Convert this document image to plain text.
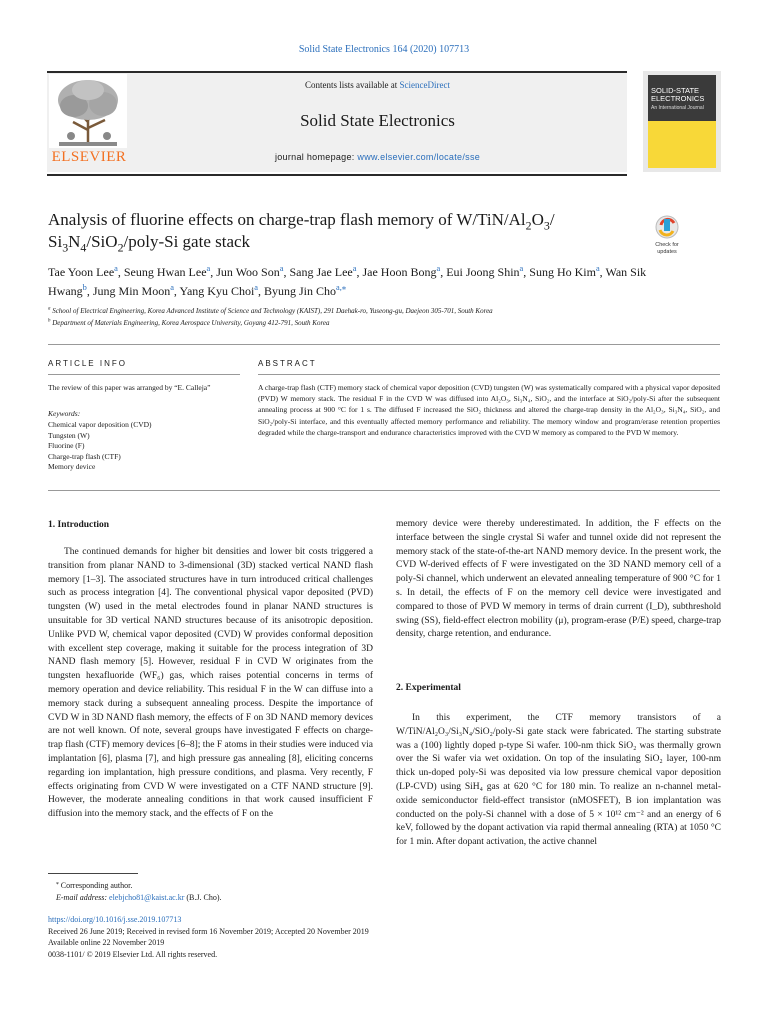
Solid State Electronics 164 (2020) 107713
ELSEVIER
Contents lists available at ScienceDirect
Solid State Electronics
journal homepage: www.elsevier.com/locate/sse
SOLID-STATE ELECTRONICS
An International Journal
Analysis of fluorine effects on charge-trap flash memory of $W/TiN/Al_2O_3/$
$Si_3N_4/SiO_2/poly-Si$ gate stack	Check for
updates
Tae Yoon Lee$^a$, Seung Hwan Lee$^a$, Jun Woo Son$^a$, Sang Jae Lee$^a$, Jae Hoon Bong$^a$, Eui Joong Shin$^a$, Sung Ho Kim$^a$, Wan Sik Hwang$^b$, Jung Min Moon$^a$, Yang Kyu Choi$^a$, Byung Jin Cho$^{a,⁎}$
$^a$ School of Electrical Engineering, Korea Advanced Institute of Science and Technology (KAIST), 291 Daehak-ro, Yuseong-gu, Daejeon 305-701, South Korea
$^b$ Department of Materials Engineering, Korea Aerospace University, Goyang 412-791, South Korea
ARTICLE INFO	ABSTRACT
The review of this paper was arranged by “E. Calleja”
Keywords:
Chemical vapor deposition (CVD)
Tungsten (W)
Fluorine (F)
Charge-trap flash (CTF)
Memory device
A charge-trap flash (CTF) memory stack of chemical vapor deposition (CVD) tungsten (W) was systematically compared with a physical vapor deposited (PVD) W memory stack. The residual F in the CVD W was diffused into Al₂O₃, Si₃N₄, SiO₂, and the interface at SiO₂/poly-Si after the subsequent annealing process at 900 °C for 1 s. The diffused F increased the SiO₂ thickness and altered the charge-trap density in the Al₂O₃, Si₃N₄, SiO₂, and SiO₂/poly-Si interface, and this eventually affected memory performance and reliability. The memory window and program/erase retention properties degraded while the charge-transport and endurance characteristics improved with the CVD W memory as compared to the PVD W memory.
1. Introduction
The continued demands for higher bit densities and lower bit costs triggered a transition from planar NAND to 3-dimensional (3D) stacked vertical NAND flash memory [1–3]. The associated structures have in turn introduced critical challenges such as process integration [4]. The conventional physical vapor deposited (PVD) tungsten (W) used in the metal electrodes found in planar NAND structures is unsuitable for 3D vertical NAND structures because of its anisotropic deposition. Unlike PVD W, chemical vapor deposited (CVD) W provides conformal deposition with excellent step coverage, making it suitable for the process integration of 3D NAND flash memory [5]. However, residual F in CVD W originates from the tungsten hexafluoride (WF₆) gas, which raises potential concerns in terms of memory operation and device reliability. This residual F in the W can diffuse into a memory stack during a subsequent annealing process. Despite the importance of CVD W in 3D NAND flash memory, the effects of F on 3D NAND memory devices are not well known. Of note, several groups have investigated F effects on charge-trap flash (CTF) memory devices [6–8]; the F atoms in their studies were induced via implantation [6], plasma [7], and high pressure gas annealing [8], eliciting concerns regarding ion implantation, high pressure conditions, and plasma. Very recently, F effects originating from CVD W were investigated on a CTF NAND structure [9]. However, the moderate annealing conditions in that work caused insufficient F diffusion into the memory stack, and the effects of F on the
memory device were thereby underestimated. In addition, the F effects on the interface between the single crystal Si wafer and tunnel oxide did not represent the memory stack of the state-of-the-art NAND memory device. In the present work, the CVD W-derived effects of F were investigated on the 3D NAND memory cell of a poly-Si channel, which underwent an elevated annealing temperature of 900 °C for 1 s. In detail, the effects of F on the memory cell device were investigated and compared to those of PVD W memory in terms of drain current (I_D), subthreshold swing (SS), field-effect electron mobility (μ), program-erase (P/E) speed, charge-trap density, charge retention, and endurance.
2. Experimental
In this experiment, the CTF memory transistors of a W/TiN/Al₂O₃/Si₃N₄/SiO₂/poly-Si gate stack were fabricated. The starting substrate was a (100) lightly doped p-type Si wafer. 100-nm thick SiO₂ was thermally grown over the Si wafer via wet oxidation. On top of the insulating SiO₂ layer, 100-nm thick un-doped poly-Si was deposited via low pressure chemical vapor deposition (LP-CVD) using SiH₄ gas at 620 °C for 180 min. To realize an n-channel metal-oxide semiconductor field-effect transistor (nMOSFET), B ion implantation was conducted on the poly-Si channel with a dose of 5 × 10¹² cm⁻² and an energy of 6 keV, followed by the dopant activation via rapid thermal annealing (RTA) at 1050 °C for 1 min. After dopant activation, the active channel
⁎ Corresponding author.
E-mail address: elebjcho81@kaist.ac.kr (B.J. Cho).
https://doi.org/10.1016/j.sse.2019.107713
Received 26 June 2019; Received in revised form 16 November 2019; Accepted 20 November 2019
Available online 22 November 2019
0038-1101/ © 2019 Elsevier Ltd. All rights reserved.
